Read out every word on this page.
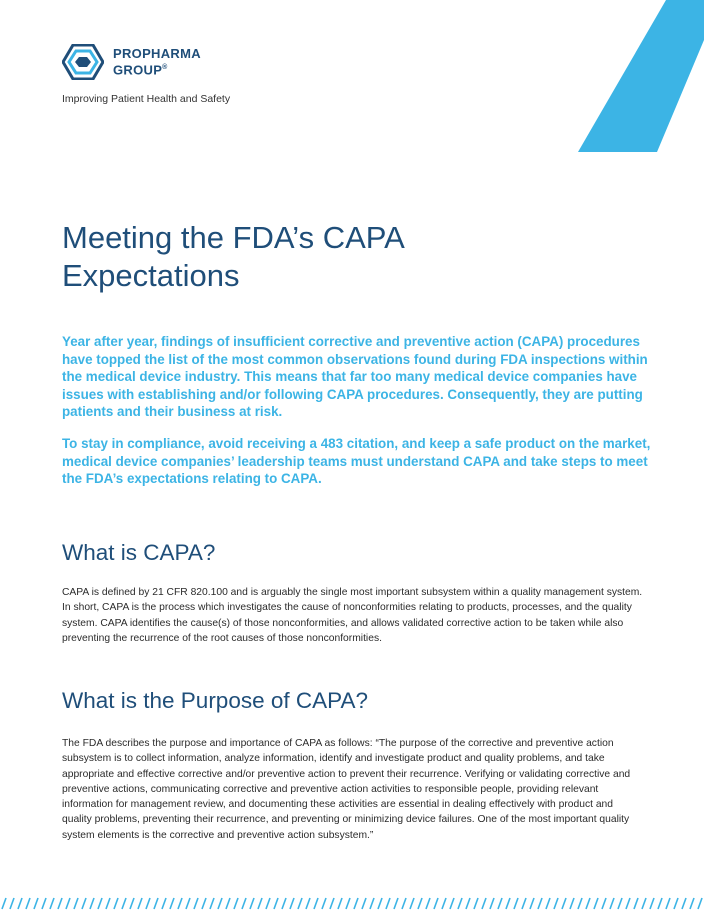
PROPHARMA
GROUP®
Improving Patient Health and Safety
Meeting the FDA’s CAPA
Expectations

Year after year, findings of insufficient corrective and preventive action (CAPA) procedures have topped the list of the most common observations found during FDA inspections within the medical device industry. This means that far too many medical device companies have issues with establishing and/or following CAPA procedures. Consequently, they are putting patients and their business at risk.

To stay in compliance, avoid receiving a 483 citation, and keep a safe product on the market, medical device companies’ leadership teams must understand CAPA and take steps to meet the FDA’s expectations relating to CAPA.

What is CAPA?

CAPA is defined by 21 CFR 820.100 and is arguably the single most important subsystem within a quality management system. In short, CAPA is the process which investigates the cause of nonconformities relating to products, processes, and the quality system. CAPA identifies the cause(s) of those nonconformities, and allows validated corrective action to be taken while also preventing the recurrence of the root causes of those nonconformities.

What is the Purpose of CAPA?

The FDA describes the purpose and importance of CAPA as follows: “The purpose of the corrective and preventive action subsystem is to collect information, analyze information, identify and investigate product and quality problems, and take appropriate and effective corrective and/or preventive action to prevent their recurrence. Verifying or validating corrective and preventive actions, communicating corrective and preventive action activities to responsible people, providing relevant information for management review, and documenting these activities are essential in dealing effectively with product and quality problems, preventing their recurrence, and preventing or minimizing device failures. One of the most important quality system elements is the corrective and preventive action subsystem.”
